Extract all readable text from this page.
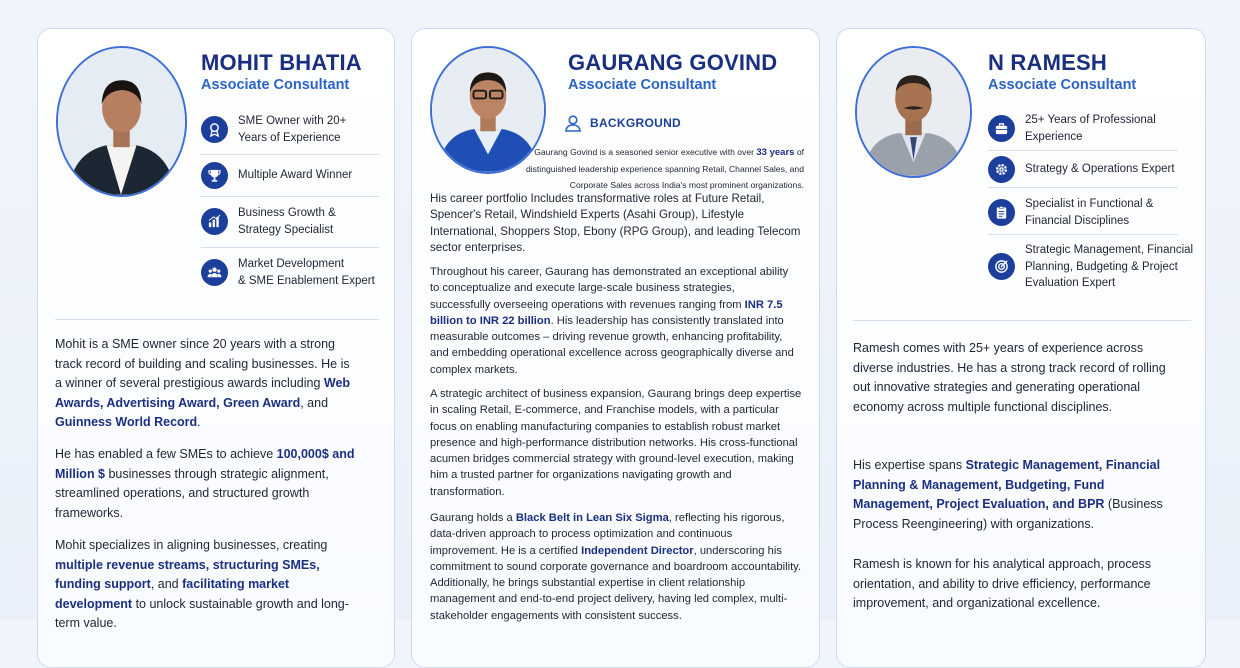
MOHIT BHATIA

Associate Consultant

SME Owner with 20+
Years of Experience
Multiple Award Winner
Business Growth &
Strategy Specialist
Market Development
& SME Enablement Expert

Mohit is a SME owner since 20 years with a strong track record of building and scaling businesses. He is a winner of several prestigious awards including Web Awards, Advertising Award, Green Award, and Guinness World Record.

He has enabled a few SMEs to achieve 100,000$ and Million $ businesses through strategic alignment, streamlined operations, and structured growth frameworks.

Mohit specializes in aligning businesses, creating multiple revenue streams, structuring SMEs, funding support, and facilitating market development to unlock sustainable growth and long-term value.

GAURANG GOVIND

Associate Consultant

BACKGROUND

Gaurang Govind is a seasoned senior executive with over 33 years of distinguished leadership experience spanning Retail, Channel Sales, and Corporate Sales across India's most prominent organizations.

His career portfolio Includes transformative roles at Future Retail, Spencer's Retail, Windshield Experts (Asahi Group), Lifestyle International, Shoppers Stop, Ebony (RPG Group), and leading Telecom sector enterprises.

Throughout his career, Gaurang has demonstrated an exceptional ability to conceptualize and execute large-scale business strategies, successfully overseeing operations with revenues ranging from INR 7.5 billion to INR 22 billion. His leadership has consistently translated into measurable outcomes – driving revenue growth, enhancing profitability, and embedding operational excellence across geographically diverse and complex markets.

A strategic architect of business expansion, Gaurang brings deep expertise in scaling Retail, E-commerce, and Franchise models, with a particular focus on enabling manufacturing companies to establish robust market presence and high-performance distribution networks. His cross-functional acumen bridges commercial strategy with ground-level execution, making him a trusted partner for organizations navigating growth and transformation.

Gaurang holds a Black Belt in Lean Six Sigma, reflecting his rigorous, data-driven approach to process optimization and continuous improvement. He is a certified Independent Director, underscoring his commitment to sound corporate governance and boardroom accountability. Additionally, he brings substantial expertise in client relationship management and end-to-end project delivery, having led complex, multi-stakeholder engagements with consistent success.

N RAMESH

Associate Consultant

25+ Years of Professional
Experience
Strategy & Operations Expert
Specialist in Functional &
Financial Disciplines
Strategic Management, Financial
Planning, Budgeting & Project
Evaluation Expert

Ramesh comes with 25+ years of experience across diverse industries. He has a strong track record of rolling out innovative strategies and generating operational economy across multiple functional disciplines.

His expertise spans Strategic Management, Financial Planning & Management, Budgeting, Fund Management, Project Evaluation, and BPR (Business Process Reengineering) with organizations.

Ramesh is known for his analytical approach, process orientation, and ability to drive efficiency, performance improvement, and organizational excellence.
